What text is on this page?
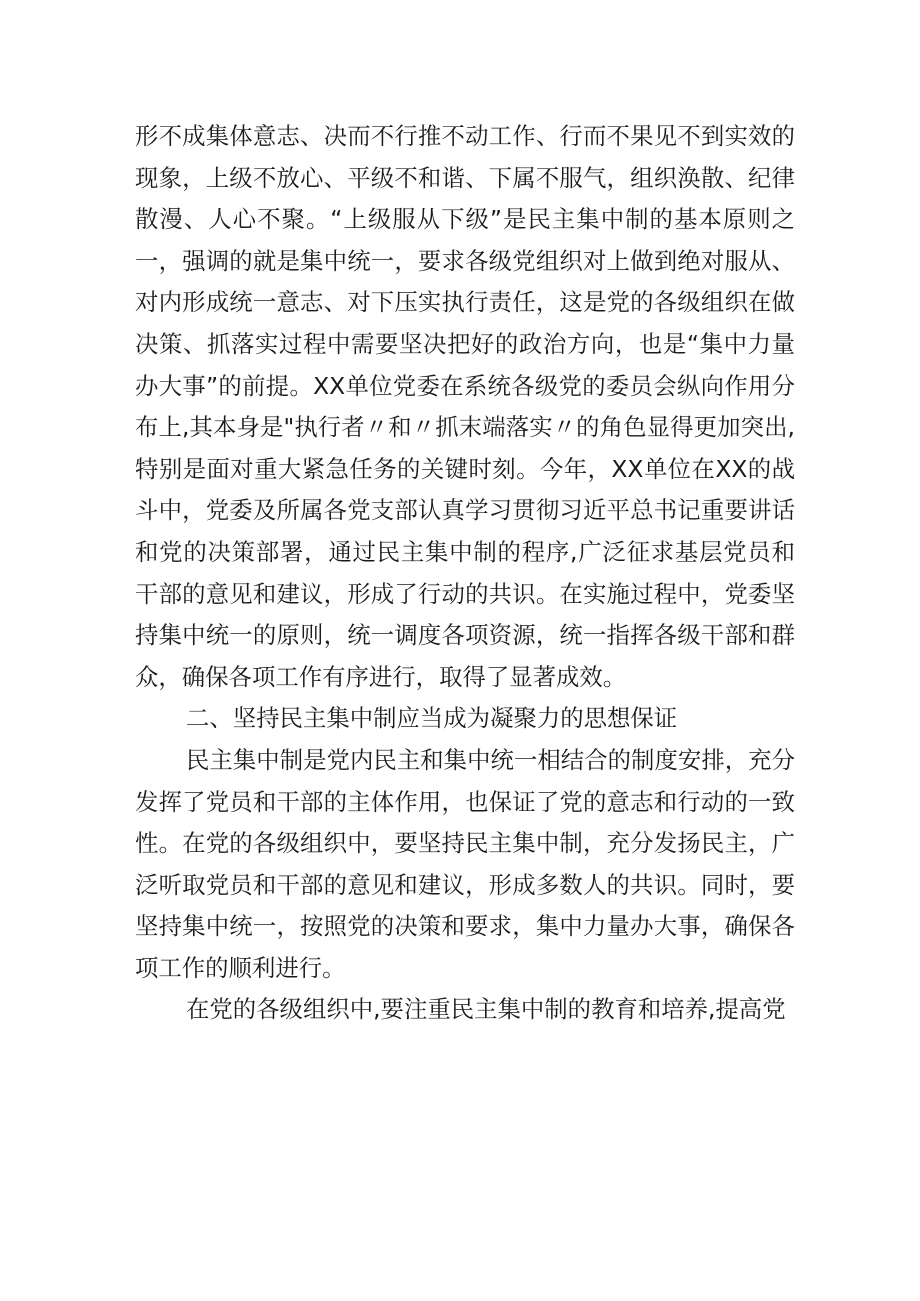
形不成集体意志、决而不行推不动工作、行而不果见不到实效的现象，上级不放心、平级不和谐、下属不服气，组织涣散、纪律散漫、人心不聚。“上级服从下级”是民主集中制的基本原则之一，强调的就是集中统一，要求各级党组织对上做到绝对服从、对内形成统一意志、对下压实执行责任，这是党的各级组织在做决策、抓落实过程中需要坚决把好的政治方向，也是“集中力量办大事”的前提。XX单位党委在系统各级党的委员会纵向作用分布上,其本身是"执行者〃和〃抓末端落实〃的角色显得更加突出,特别是面对重大紧急任务的关键时刻。今年，XX单位在XX的战斗中，党委及所属各党支部认真学习贯彻习近平总书记重要讲话和党的决策部署，通过民主集中制的程序,广泛征求基层党员和干部的意见和建议，形成了行动的共识。在实施过程中，党委坚持集中统一的原则，统一调度各项资源，统一指挥各级干部和群众，确保各项工作有序进行，取得了显著成效。

二、坚持民主集中制应当成为凝聚力的思想保证

民主集中制是党内民主和集中统一相结合的制度安排，充分发挥了党员和干部的主体作用，也保证了党的意志和行动的一致性。在党的各级组织中，要坚持民主集中制，充分发扬民主，广泛听取党员和干部的意见和建议，形成多数人的共识。同时，要坚持集中统一，按照党的决策和要求，集中力量办大事，确保各项工作的顺利进行。

在党的各级组织中,要注重民主集中制的教育和培养,提高党
